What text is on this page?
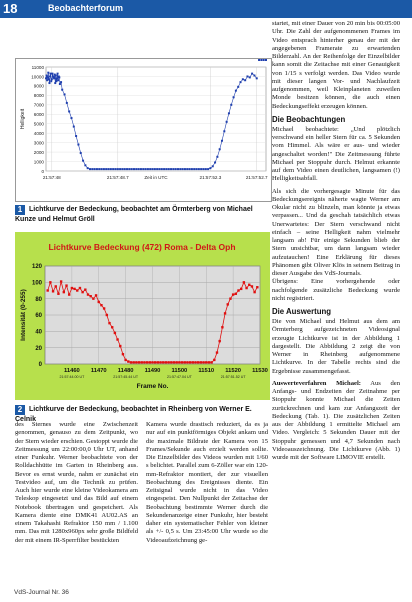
18	Beobachterforum
11000
10000
9000
8000
7000
6000
5000
4000
3000
2000
1000
0
21:57:48	21:57:48.7	21:57:52.3	21:57:52.7
Zeit in UTC
Helligkeit
1 Lichtkurve der Bedeckung, beobachtet am Örmterberg von Michael Kunze und Helmut Gröll
Lichtkurve Bedeckung (472) Roma - Delta Oph
0
20
40
60
80
100
120
11460 11470 11480 11490 11500 11510 11520 11530
21:57:44.00 UT	21:57:45.44 UT	21:57:47.04 UT	21:57:51.52 UT
Frame No.
Intensität (0-255)
2 Lichtkurve der Bedeckung, beobachtet in Rheinberg von Werner E. Celnik

startet, mit einer Dauer von 20 min bis 00:05:00 Uhr. Die Zahl der aufgenommenen Frames im Video entsprach hinterher genau der mit der angegebenen Framerate zu erwartenden Bilderzahl. An der Reihenfolge der Einzelbilder kann somit die Zeitachse mit einer Genauigkeit von 1/15 s verfolgt werden. Das Video wurde mit dieser langen Vor- und Nachlaufzeit aufgenommen, weil Kleinplaneten zuweilen Monde besitzen können, die auch einen Bedeckungseffekt erzeugen können.

Die Beobachtungen

Michael beobachtete: „Und plötzlich verschwand ein heller Stern für ca. 5 Sekunden vom Himmel. Als wäre er aus- und wieder angeschaltet worden!" Die Zeitmessung führte Michael per Stoppuhr durch. Helmut erkannte auf dem Video einen deutlichen, langsamen (!) Helligkeitsabfall.

Als sich die vorhergesagte Minute für das Bedeckungsereignis näherte wagte Werner am Okular nicht zu blinzeln, man könnte ja etwas verpassen... Und da geschah tatsächlich etwas Unerwartetes: Der Stern verschwand nicht einfach – seine Helligkeit nahm vielmehr langsam ab! Für einige Sekunden blieb der Stern unsichtbar, um dann langsam wieder aufzutauchen! Eine Erklärung für dieses Phänomen gibt Oliver Klös in seinem Beitrag in dieser Ausgabe des VdS-Journals.

Übrigens: Eine vorhergehende oder nachfolgende zusätzliche Bedeckung wurde nicht registriert.

Die Auswertung

Die von Michael und Helmut aus dem am Örmterberg aufgezeichneten Videosignal erzeugte Lichtkurve ist in der Abbildung 1 dargestellt. Die Abbildung 2 zeigt die von Werner in Rheinberg aufgenommene Lichtkurve. In der Tabelle rechts sind die Ergebnisse zusammengefasst.

Auswerteverfahren Michael: Aus den Anfangs- und Endzeiten der Zeitnahme per Stoppuhr konnte Michael die Zeiten zurückrechnen und kam zur Anfangszeit der Bedeckung (Tab. 1). Die zusätzlichen Zeiten aus der Abbildung 1 ermittelte Michael am Video. Vergleich: 5 Sekunden Dauer mit der Stoppuhr gemessen und 4,7 Sekunden nach Videoauszeichnung. Die Lichtkurve (Abb. 1) wurde mit der Software LIMOVIE erstellt.

des Sternes wurde eine Zwischenzeit genommen, genauso zu dem Zeitpunkt, wo der Stern wieder erschien. Gestoppt wurde die Zeitmessung um 22:00:00,0 Uhr UT, anhand einer Funkuhr. Werner beobachtete von der Rolldachhütte im Garten in Rheinberg aus. Bevor es ernst wurde, nahm er zunächst ein Testvideo auf, um die Technik zu prüfen. Auch hier wurde eine kleine Videokamera am Teleskop eingesetzt und das Bild auf einem Notebook übertragen und gespeichert. Als Kamera diente eine DMK41 AU02.AS an einem Takahashi Refraktor 150 mm / 1.100 mm. Das mit 1280x960px sehr große Bildfeld der mit einem IR-Sperrfilter bestückten

Kamera wurde drastisch reduziert, da es ja nur auf ein punktförmiges Objekt ankam und die maximale Bildrate der Kamera von 15 Frames/Sekunde auch erzielt werden sollte. Die Einzelbilder des Videos wurden mit 1/60 s belichtet. Parallel zum 6-Zöller war ein 120-mm-Refraktor montiert, der zur visuellen Beobachtung des Ereignisses diente. Ein Zeitsignal wurde nicht in das Video eingespeist. Den Nullpunkt der Zeitachse der Beobachtung bestimmte Werner durch die Sekundenanzeige einer Funkuhr, hier besteht daher ein systematischer Fehler von kleiner als +/- 0,5 s. Um 23:45:00 Uhr wurde so die Videoaufzeichnung ge-

VdS-Journal Nr. 36
